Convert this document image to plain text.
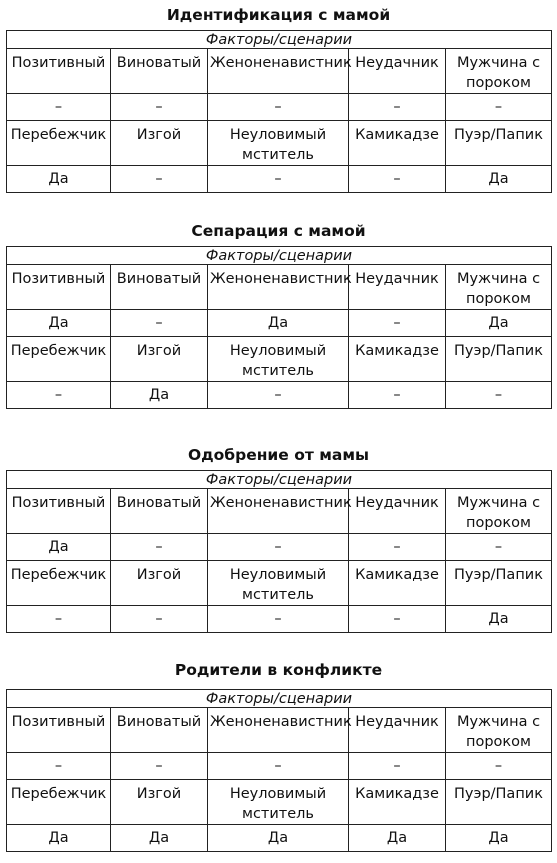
Идентификация с мамой
Факторы/сценарии				
Позитивный	Виноватый	Женоненавистник	Неудачник	Мужчина с пороком
–	–	–	–	–
Перебежчик	Изгой	Неуловимый мститель	Камикадзе	Пуэр/Папик
Да	–	–	–	Да
Сепарация с мамой
Факторы/сценарии				
Позитивный	Виноватый	Женоненавистник	Неудачник	Мужчина с пороком
Да	–	Да	–	Да
Перебежчик	Изгой	Неуловимый мститель	Камикадзе	Пуэр/Папик
–	Да	–	–	–
Одобрение от мамы
Факторы/сценарии				
Позитивный	Виноватый	Женоненавистник	Неудачник	Мужчина с пороком
Да	–	–	–	–
Перебежчик	Изгой	Неуловимый мститель	Камикадзе	Пуэр/Папик
–	–	–	–	Да
Родители в конфликте
Факторы/сценарии				
Позитивный	Виноватый	Женоненавистник	Неудачник	Мужчина с пороком
–	–	–	–	–
Перебежчик	Изгой	Неуловимый мститель	Камикадзе	Пуэр/Папик
Да	Да	Да	Да	Да
